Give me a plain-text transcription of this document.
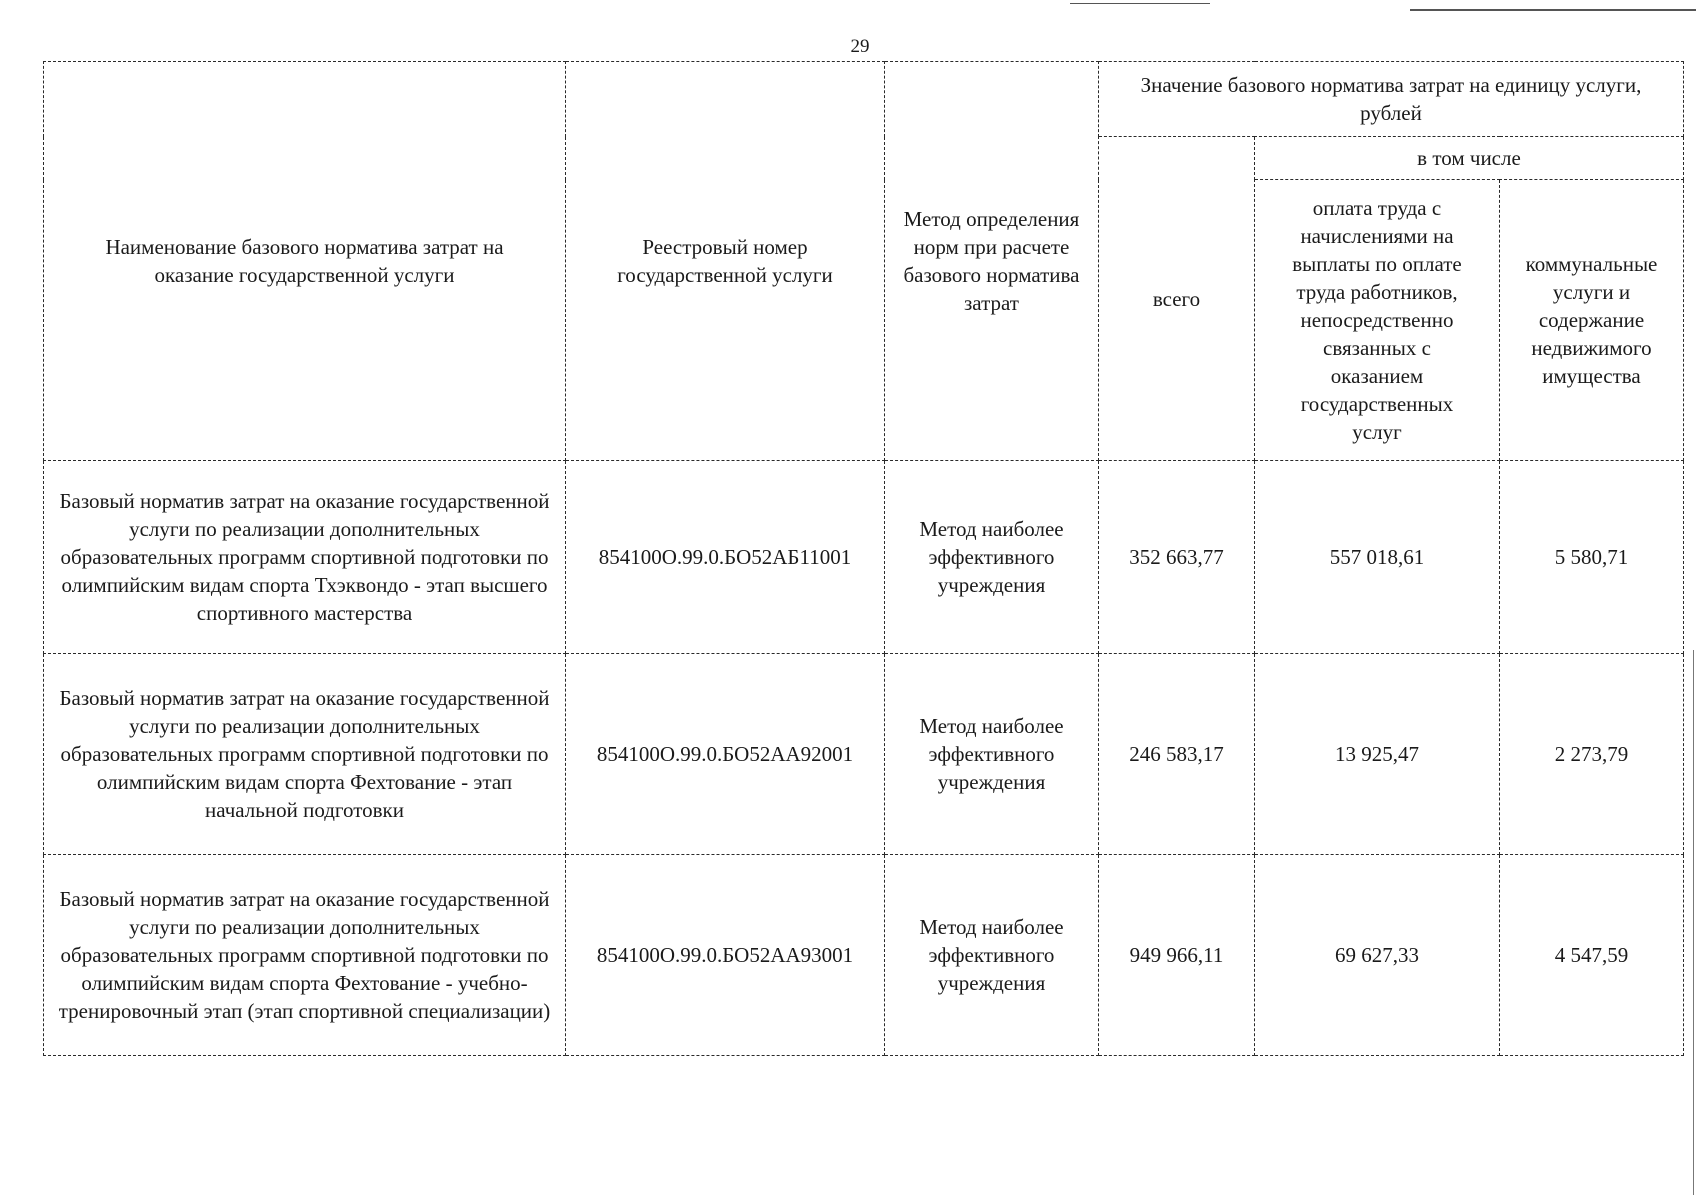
29
Наименование базового норматива затрат на оказание государственной услуги	Реестровый номер государственной услуги	Метод определения норм при расчете базового норматива затрат	Значение базового норматива затрат на единицу услуги, рублей		
			всего	в том числе	
				оплата труда с начислениями на выплаты по оплате труда работников, непосредственно связанных с оказанием государственных услуг	коммунальные услуги и содержание недвижимого имущества
Базовый норматив затрат на оказание государственной услуги по реализации дополнительных образовательных программ спортивной подготовки по олимпийским видам спорта Тхэквондо - этап высшего спортивного мастерства	854100О.99.0.БО52АБ11001	Метод наиболее эффективного учреждения	352 663,77	557 018,61	5 580,71
Базовый норматив затрат на оказание государственной услуги по реализации дополнительных образовательных программ спортивной подготовки по олимпийским видам спорта Фехтование - этап начальной подготовки	854100О.99.0.БО52АА92001	Метод наиболее эффективного учреждения	246 583,17	13 925,47	2 273,79
Базовый норматив затрат на оказание государственной услуги по реализации дополнительных образовательных программ спортивной подготовки по олимпийским видам спорта Фехтование - учебно-тренировочный этап (этап спортивной специализации)	854100О.99.0.БО52АА93001	Метод наиболее эффективного учреждения	949 966,11	69 627,33	4 547,59
